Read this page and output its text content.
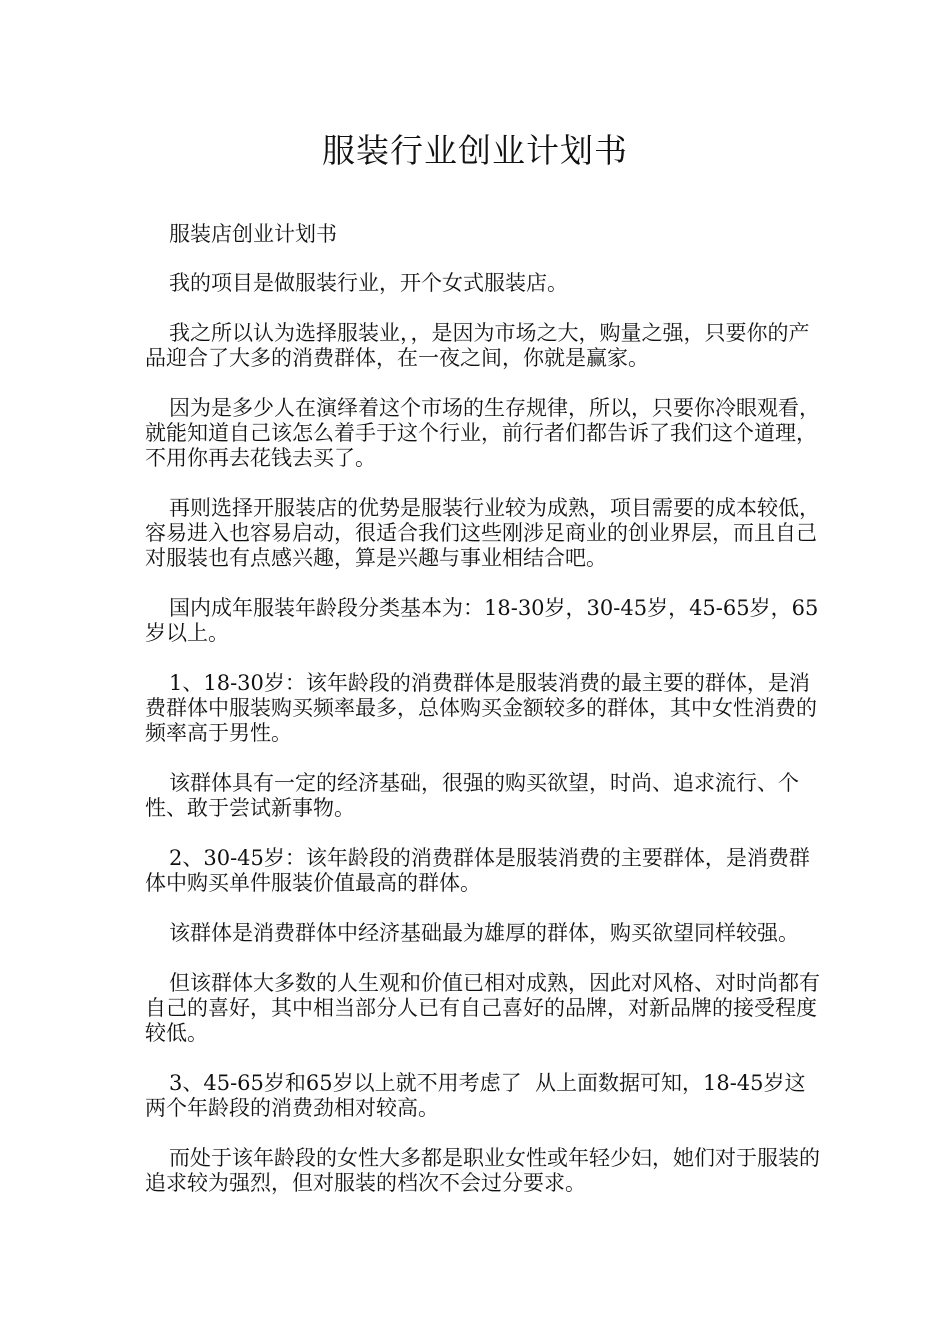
服装行业创业计划书

服装店创业计划书

我的项目是做服装行业，开个女式服装店。

我之所以认为选择服装业，，是因为市场之大，购量之强，只要你的产品迎合了大多的消费群体，在一夜之间，你就是赢家。

因为是多少人在演绎着这个市场的生存规律，所以，只要你冷眼观看，就能知道自己该怎么着手于这个行业，前行者们都告诉了我们这个道理，不用你再去花钱去买了。

再则选择开服装店的优势是服装行业较为成熟，项目需要的成本较低，容易进入也容易启动，很适合我们这些刚涉足商业的创业界层，而且自己对服装也有点感兴趣，算是兴趣与事业相结合吧。

国内成年服装年龄段分类基本为：18-30岁，30-45岁，45-65岁，65岁以上。

1、18-30岁：该年龄段的消费群体是服装消费的最主要的群体，是消费群体中服装购买频率最多，总体购买金额较多的群体，其中女性消费的频率高于男性。

该群体具有一定的经济基础，很强的购买欲望，时尚、追求流行、个性、敢于尝试新事物。

2、30-45岁：该年龄段的消费群体是服装消费的主要群体，是消费群体中购买单件服装价值最高的群体。

该群体是消费群体中经济基础最为雄厚的群体，购买欲望同样较强。

但该群体大多数的人生观和价值已相对成熟，因此对风格、对时尚都有自己的喜好，其中相当部分人已有自己喜好的品牌，对新品牌的接受程度较低。

3、45-65岁和65岁以上就不用考虑了  从上面数据可知，18-45岁这两个年龄段的消费劲相对较高。

而处于该年龄段的女性大多都是职业女性或年轻少妇，她们对于服装的追求较为强烈，但对服装的档次不会过分要求。
